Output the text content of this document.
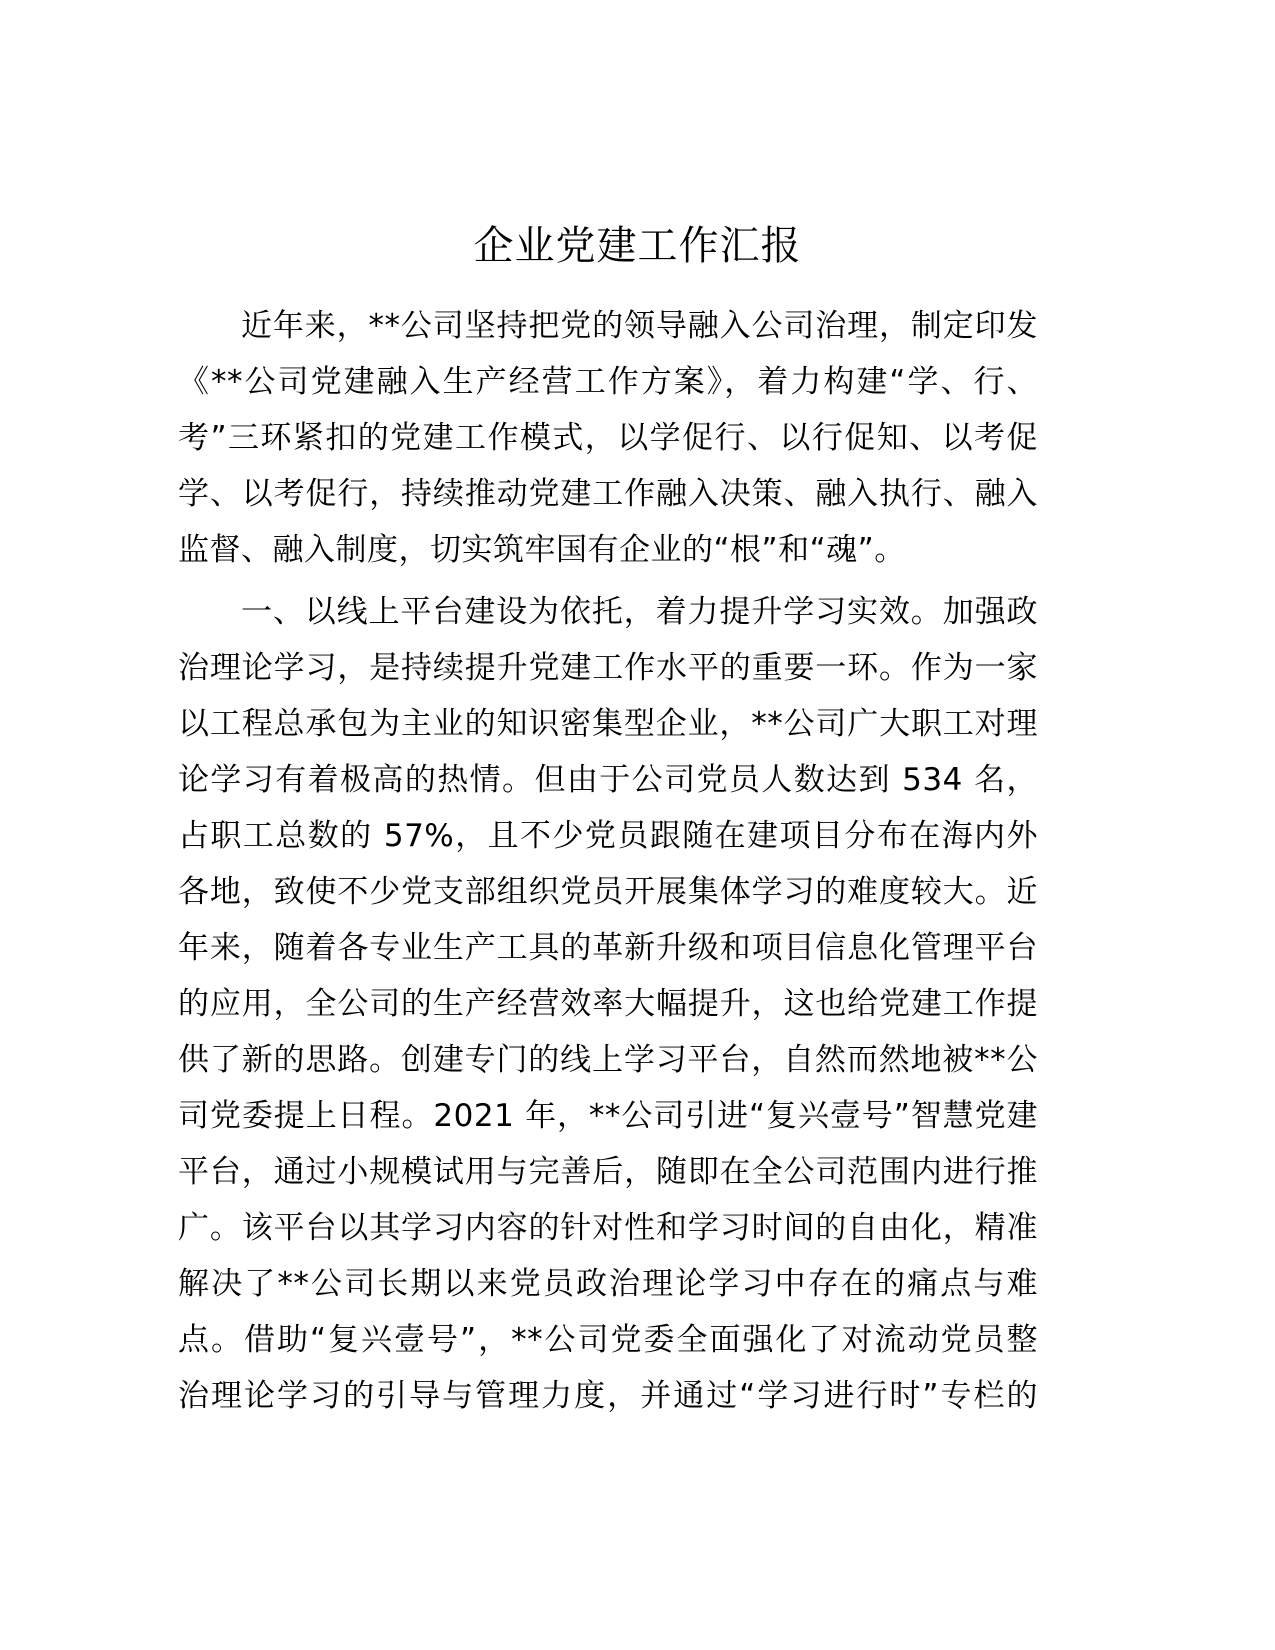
企业党建工作汇报
近年来，**公司坚持把党的领导融入公司治理，制定印发
《**公司党建融入生产经营工作方案》，着力构建“学、行、
考”三环紧扣的党建工作模式，以学促行、以行促知、以考促
学、以考促行，持续推动党建工作融入决策、融入执行、融入
监督、融入制度，切实筑牢国有企业的“根”和“魂”。
一、以线上平台建设为依托，着力提升学习实效。加强政
治理论学习，是持续提升党建工作水平的重要一环。作为一家
以工程总承包为主业的知识密集型企业，**公司广大职工对理
论学习有着极高的热情。但由于公司党员人数达到 534 名，
占职工总数的 57%，且不少党员跟随在建项目分布在海内外
各地，致使不少党支部组织党员开展集体学习的难度较大。近
年来，随着各专业生产工具的革新升级和项目信息化管理平台
的应用，全公司的生产经营效率大幅提升，这也给党建工作提
供了新的思路。创建专门的线上学习平台，自然而然地被**公
司党委提上日程。2021 年，**公司引进“复兴壹号”智慧党建
平台，通过小规模试用与完善后，随即在全公司范围内进行推
广。该平台以其学习内容的针对性和学习时间的自由化，精准
解决了**公司长期以来党员政治理论学习中存在的痛点与难
点。借助“复兴壹号”，**公司党委全面强化了对流动党员整
治理论学习的引导与管理力度，并通过“学习进行时”专栏的
